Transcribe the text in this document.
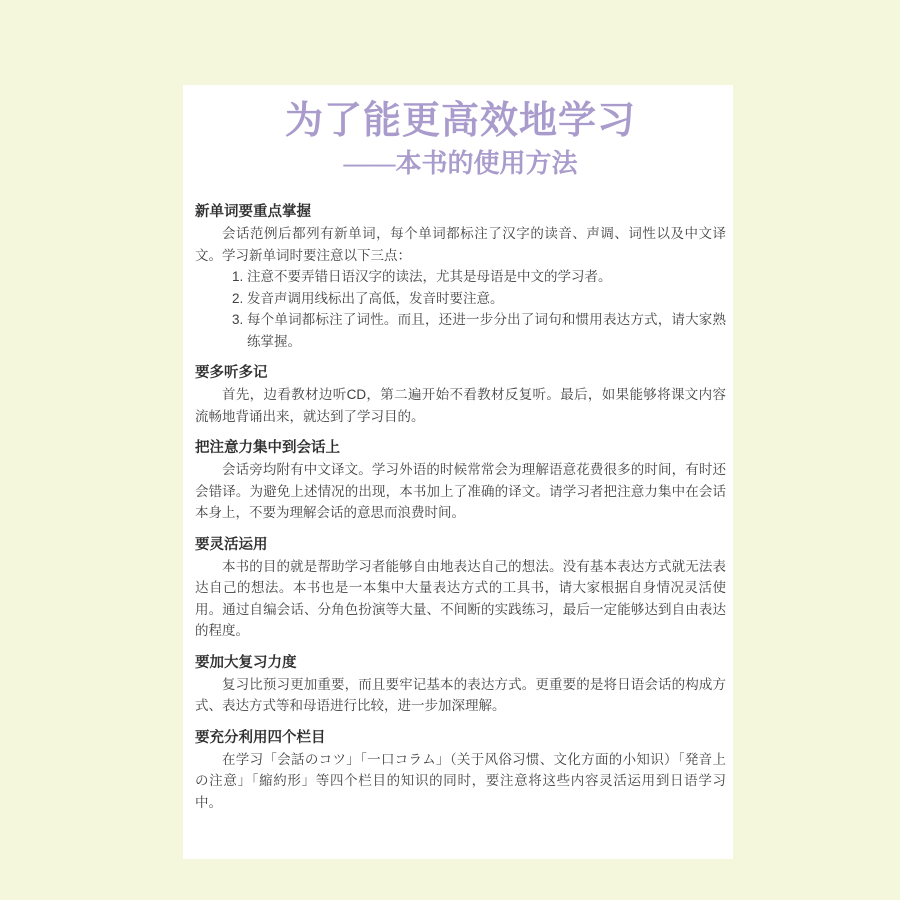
为了能更高效地学习
——本书的使用方法
新单词要重点掌握

会话范例后都列有新单词，每个单词都标注了汉字的读音、声调、词性以及中文译文。学习新单词时要注意以下三点：

1. 注意不要弄错日语汉字的读法，尤其是母语是中文的学习者。
2. 发音声调用线标出了高低，发音时要注意。
3. 每个单词都标注了词性。而且，还进一步分出了词句和惯用表达方式，请大家熟练掌握。
要多听多记

首先，边看教材边听CD，第二遍开始不看教材反复听。最后，如果能够将课文内容流畅地背诵出来，就达到了学习目的。

把注意力集中到会话上

会话旁均附有中文译文。学习外语的时候常常会为理解语意花费很多的时间，有时还会错译。为避免上述情况的出现，本书加上了准确的译文。请学习者把注意力集中在会话本身上，不要为理解会话的意思而浪费时间。

要灵活运用

本书的目的就是帮助学习者能够自由地表达自己的想法。没有基本表达方式就无法表达自己的想法。本书也是一本集中大量表达方式的工具书，请大家根据自身情况灵活使用。通过自编会话、分角色扮演等大量、不间断的实践练习，最后一定能够达到自由表达的程度。

要加大复习力度

复习比预习更加重要，而且要牢记基本的表达方式。更重要的是将日语会话的构成方式、表达方式等和母语进行比较，进一步加深理解。

要充分利用四个栏目

在学习「会話のコツ」「一口コラム」（关于风俗习惯、文化方面的小知识）「発音上の注意」「縮約形」等四个栏目的知识的同时，要注意将这些内容灵活运用到日语学习中。
